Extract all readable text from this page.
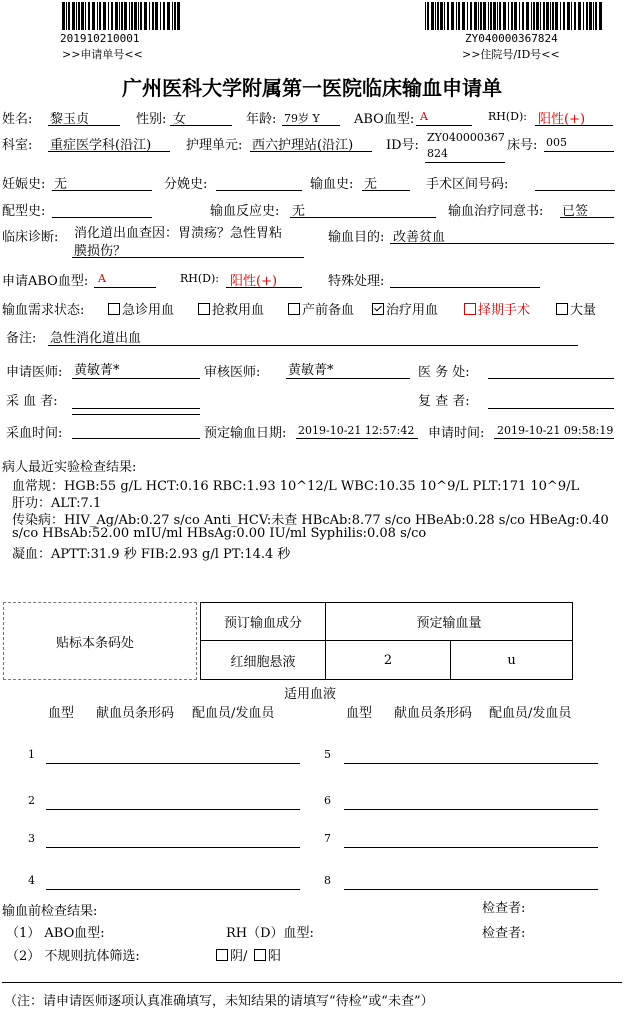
201910210001
>>申请单号<<
ZY040000367824
>>住院号/ID号<<
广州医科大学附属第一医院临床输血申请单
姓名: 黎玉贞	性别: 女	年龄: 79岁 Y	ABO血型: A	RH(D): 阳性(+)
科室: 重症医学科(沿江)	护理单元: 西六护理站(沿江)	ID号:
ZY040000367
824
床号: 005
妊娠史: 无	分娩史:	输血史: 无	手术区间号码:
配型史:	输血反应史: 无	输血治疗同意书: 已签
临床诊断: 消化道出血查因：胃溃疡？急性胃粘
膜损伤？
输血目的: 改善贫血
申请ABO血型: A	RH(D): 阳性(+)	特殊处理:
输血需求状态:	急诊用血	抢救用血	产前备血	治疗用血	择期手术	大量
备注: 急性消化道出血
申请医师: 黄敏菁*	审核医师: 黄敏菁*	医 务 处:
采 血 者:	复 查 者:
采血时间:	预定输血日期: 2019-10-21 12:57:42 申请时间: 2019-10-21 09:58:19
病人最近实验检查结果:
血常规：HGB:55 g/L HCT:0.16 RBC:1.93 10^12/L WBC:10.35 10^9/L PLT:171 10^9/L
肝功：ALT:7.1
传染病：HIV_Ag/Ab:0.27 s/co Anti_HCV:未查 HBcAb:8.77 s/co HBeAb:0.28 s/co HBeAg:0.40
s/co HBsAb:52.00 mIU/ml HBsAg:0.00 IU/ml Syphilis:0.08 s/co
凝血：APTT:31.9 秒 FIB:2.93 g/l PT:14.4 秒
贴标本条码处
预订输血成分	预定输血量	
红细胞悬液	2	u
适用血液
血型 献血员条形码 配血员/发血员	血型 献血员条形码 配血员/发血员
1	5
2	6
3	7
4	8
输血前检查结果:	检查者:
（1） ABO血型:	RH（D）血型:	检查者:
（2） 不规则抗体筛选:	阴/	阳
（注：请申请医师逐项认真准确填写，未知结果的请填写“待检”或“未查”）
